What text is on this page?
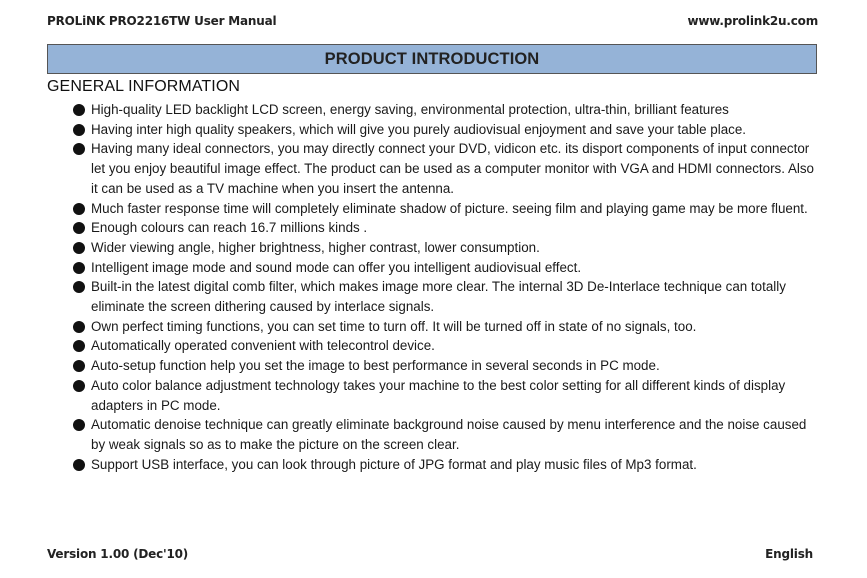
PROLiNK PRO2216TW User Manual	www.prolink2u.com
PRODUCT INTRODUCTION
GENERAL INFORMATION
High-quality LED backlight LCD screen, energy saving, environmental protection, ultra-thin, brilliant features
Having inter high quality speakers, which will give you purely audiovisual enjoyment and save your table place.
Having many ideal connectors, you may directly connect your DVD, vidicon etc. its disport components of input connector let you enjoy beautiful image effect. The product can be used as a computer monitor with VGA and HDMI connectors. Also it can be used as a TV machine when you insert the antenna.
Much faster response time will completely eliminate shadow of picture. seeing film and playing game may be more fluent.
Enough colours can reach 16.7 millions kinds .
Wider viewing angle, higher brightness, higher contrast, lower consumption.
Intelligent image mode and sound mode can offer you intelligent audiovisual effect.
Built-in the latest digital comb filter, which makes image more clear. The internal 3D De-Interlace technique can totally eliminate the screen dithering caused by interlace signals.
Own perfect timing functions, you can set time to turn off. It will be turned off in state of no signals, too.
Automatically operated convenient with telecontrol device.
Auto-setup function help you set the image to best performance in several seconds in PC mode.
Auto color balance adjustment technology takes your machine to the best color setting for all different kinds of display adapters in PC mode.
Automatic denoise technique can greatly eliminate background noise caused by menu interference and the noise caused by weak signals so as to make the picture on the screen clear.
Support USB interface, you can look through picture of JPG format and play music files of Mp3 format.
Version 1.00 (Dec'10)	English
